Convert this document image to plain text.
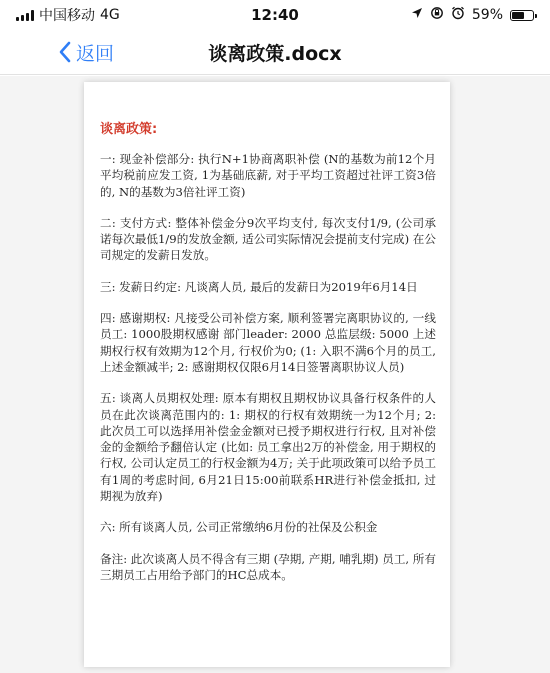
中国移动 4G	12:40	59%
返回	谈离政策.docx
谈离政策:
一: 现金补偿部分: 执行N+1协商离职补偿 (N的基数为前12个月平均税前应发工资, 1为基础底薪, 对于平均工资超过社评工资3倍的, N的基数为3倍社评工资)
二: 支付方式: 整体补偿金分9次平均支付, 每次支付1/9, (公司承诺每次最低1/9的发放金额, 适公司实际情况会提前支付完成) 在公司规定的发薪日发放。
三: 发薪日约定: 凡谈离人员, 最后的发薪日为2019年6月14日
四: 感谢期权: 凡接受公司补偿方案, 顺利签署完离职协议的, 一线员工: 1000股期权感谢 部门leader: 2000 总监层级: 5000 上述期权行权有效期为12个月, 行权价为0; (1: 入职不满6个月的员工, 上述金额减半; 2: 感谢期权仅限6月14日签署离职协议人员)
五: 谈离人员期权处理: 原本有期权且期权协议具备行权条件的人员在此次谈离范围内的: 1: 期权的行权有效期统一为12个月; 2: 此次员工可以选择用补偿金金额对已授予期权进行行权, 且对补偿金的金额给予翻倍认定 (比如: 员工拿出2万的补偿金, 用于期权的行权, 公司认定员工的行权金额为4万; 关于此项政策可以给予员工有1周的考虑时间, 6月21日15:00前联系HR进行补偿金抵扣, 过期视为放弃)
六: 所有谈离人员, 公司正常缴纳6月份的社保及公积金
备注: 此次谈离人员不得含有三期 (孕期, 产期, 哺乳期) 员工, 所有三期员工占用给予部门的HC总成本。
